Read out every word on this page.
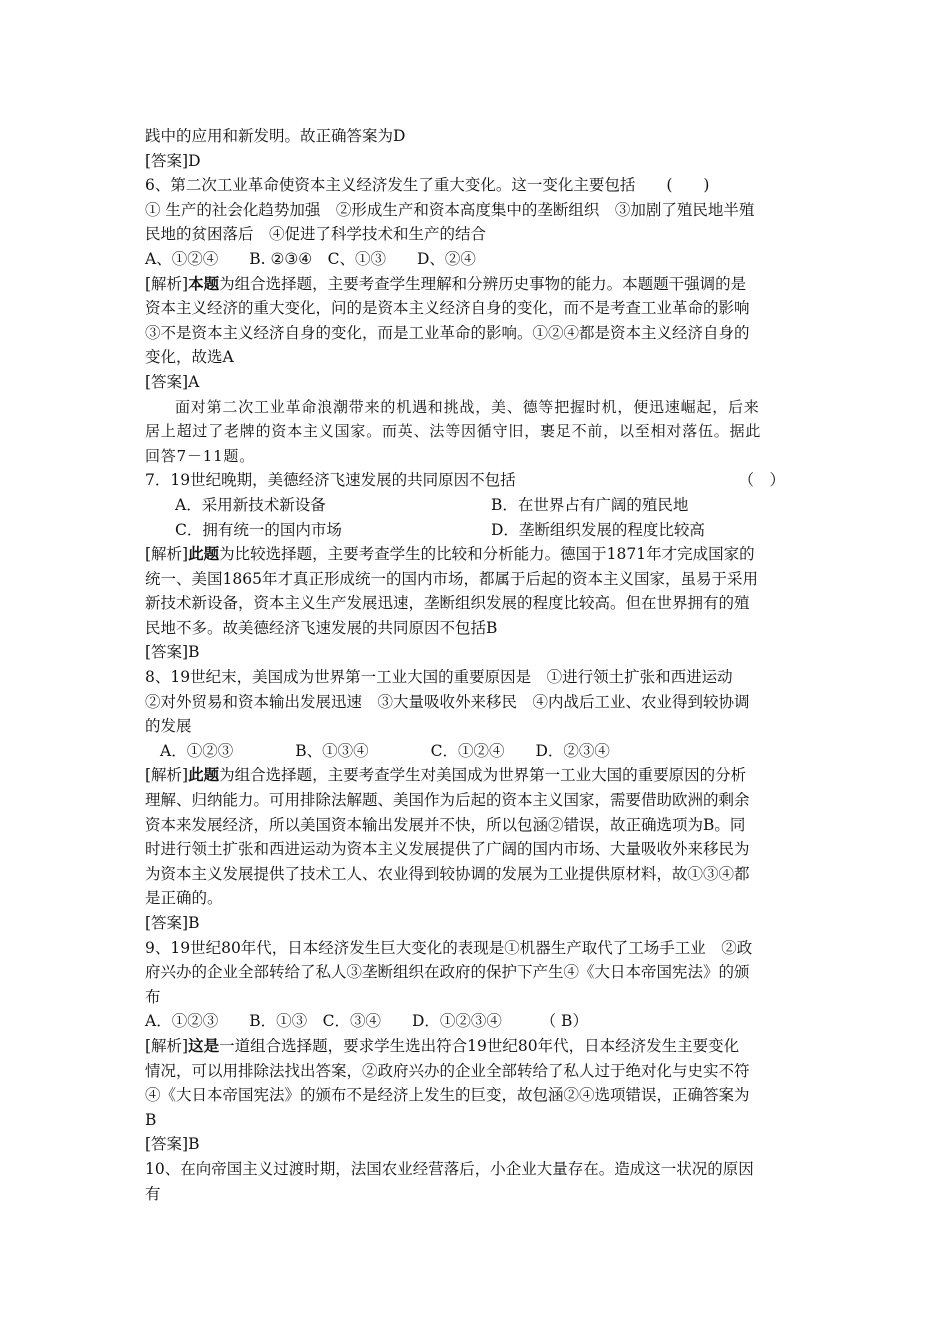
践中的应用和新发明。故正确答案为D
[答案]D
6、第二次工业革命使资本主义经济发生了重大变化。这一变化主要包括　　(　　)
① 生产的社会化趋势加强　②形成生产和资本高度集中的垄断组织　③加剧了殖民地半殖
民地的贫困落后　④促进了科学技术和生产的结合
A、①②④　　B. ②③④　C、①③　　D、②④
[解析]本题为组合选择题，主要考查学生理解和分辨历史事物的能力。本题题干强调的是
资本主义经济的重大变化，问的是资本主义经济自身的变化，而不是考查工业革命的影响
③不是资本主义经济自身的变化，而是工业革命的影响。①②④都是资本主义经济自身的
变化，故选A
[答案]A
面对第二次工业革命浪潮带来的机遇和挑战，美、德等把握时机，便迅速崛起，后来
居上超过了老牌的资本主义国家。而英、法等因循守旧，裹足不前，以至相对落伍。据此
回答7－11题。
7．19世纪晚期，美德经济飞速发展的共同原因不包括	（　）
A．采用新技术新设备	B．在世界占有广阔的殖民地
C．拥有统一的国内市场	D．垄断组织发展的程度比较高
[解析]此题为比较选择题，主要考查学生的比较和分析能力。德国于1871年才完成国家的
统一、美国1865年才真正形成统一的国内市场，都属于后起的资本主义国家，虽易于采用
新技术新设备，资本主义生产发展迅速，垄断组织发展的程度比较高。但在世界拥有的殖
民地不多。故美德经济飞速发展的共同原因不包括B
[答案]B
8、19世纪末，美国成为世界第一工业大国的重要原因是　①进行领土扩张和西进运动
②对外贸易和资本输出发展迅速　③大量吸收外来移民　④内战后工业、农业得到较协调
的发展
A．①②③　　　　B、①③④　　　　C．①②④　　D．②③④
[解析]此题为组合选择题，主要考查学生对美国成为世界第一工业大国的重要原因的分析
理解、归纳能力。可用排除法解题、美国作为后起的资本主义国家，需要借助欧洲的剩余
资本来发展经济，所以美国资本输出发展并不快，所以包涵②错误，故正确选项为B。同
时进行领土扩张和西进运动为资本主义发展提供了广阔的国内市场、大量吸收外来移民为
为资本主义发展提供了技术工人、农业得到较协调的发展为工业提供原材料，故①③④都
是正确的。
[答案]B
9、19世纪80年代，日本经济发生巨大变化的表现是①机器生产取代了工场手工业　②政
府兴办的企业全部转给了私人③垄断组织在政府的保护下产生④《大日本帝国宪法》的颁
布
A．①②③　　B．①③　C．③④　　D．①②③④　　　（ B）
[解析]这是一道组合选择题，要求学生选出符合19世纪80年代，日本经济发生主要变化
情况，可以用排除法找出答案，②政府兴办的企业全部转给了私人过于绝对化与史实不符
④《大日本帝国宪法》的颁布不是经济上发生的巨变，故包涵②④选项错误，正确答案为
B
[答案]B
10、在向帝国主义过渡时期，法国农业经营落后，小企业大量存在。造成这一状况的原因
有
